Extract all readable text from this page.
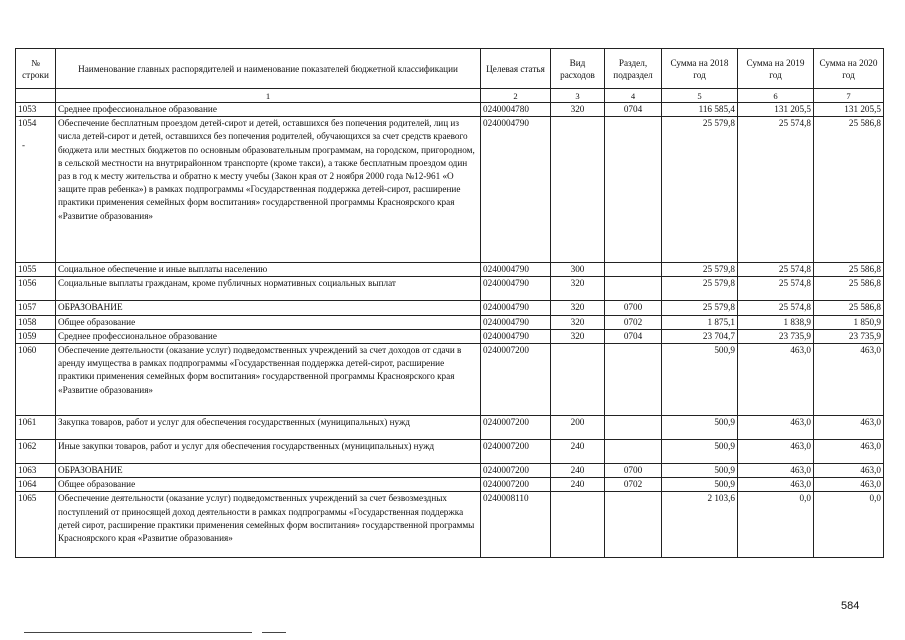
№ строки	Наименование главных распорядителей и наименование показателей бюджетной классификации	Целевая статья	Вид расходов	Раздел, подраздел	Сумма на 2018 год	Сумма на 2019 год	Сумма на 2020 год
	1	2	3	4	5	6	7
1053	Среднее профессиональное образование	0240004780	320	0704	116 585,4	131 205,5	131 205,5
1054	Обеспечение бесплатным проездом детей-сирот и детей, оставшихся без попечения родителей, лиц из числа детей-сирот и детей, оставшихся без попечения родителей, обучающихся за счет средств краевого бюджета или местных бюджетов по основным образовательным программам, на городском, пригородном, в сельской местности на внутрирайонном транспорте (кроме такси), а также бесплатным проездом один раз в год к месту жительства и обратно к месту учебы (Закон края от 2 ноября 2000 года №12-961 «О защите прав ребенка») в рамках подпрограммы «Государственная поддержка детей-сирот, расширение практики применения семейных форм воспитания» государственной программы Красноярского края «Развитие образования»	0240004790			25 579,8	25 574,8	25 586,8
1055	Социальное обеспечение и иные выплаты населению	0240004790	300		25 579,8	25 574,8	25 586,8
1056	Социальные выплаты гражданам, кроме публичных нормативных социальных выплат	0240004790	320		25 579,8	25 574,8	25 586,8
1057	ОБРАЗОВАНИЕ	0240004790	320	0700	25 579,8	25 574,8	25 586,8
1058	Общее образование	0240004790	320	0702	1 875,1	1 838,9	1 850,9
1059	Среднее профессиональное образование	0240004790	320	0704	23 704,7	23 735,9	23 735,9
1060	Обеспечение деятельности (оказание услуг) подведомственных учреждений за счет доходов от сдачи в аренду имущества в рамках подпрограммы «Государственная поддержка детей-сирот, расширение практики применения семейных форм воспитания» государственной программы Красноярского края «Развитие образования»	0240007200			500,9	463,0	463,0
1061	Закупка товаров, работ и услуг для обеспечения государственных (муниципальных) нужд	0240007200	200		500,9	463,0	463,0
1062	Иные закупки товаров, работ и услуг для обеспечения государственных (муниципальных) нужд	0240007200	240		500,9	463,0	463,0
1063	ОБРАЗОВАНИЕ	0240007200	240	0700	500,9	463,0	463,0
1064	Общее образование	0240007200	240	0702	500,9	463,0	463,0
1065	Обеспечение деятельности (оказание услуг) подведомственных учреждений за счет безвозмездных поступлений от приносящей доход деятельности в рамках подпрограммы «Государственная поддержка детей сирот, расширение практики применения семейных форм воспитания» государственной программы Красноярского края «Развитие образования»	0240008110			2 103,6	0,0	0,0
-
584
